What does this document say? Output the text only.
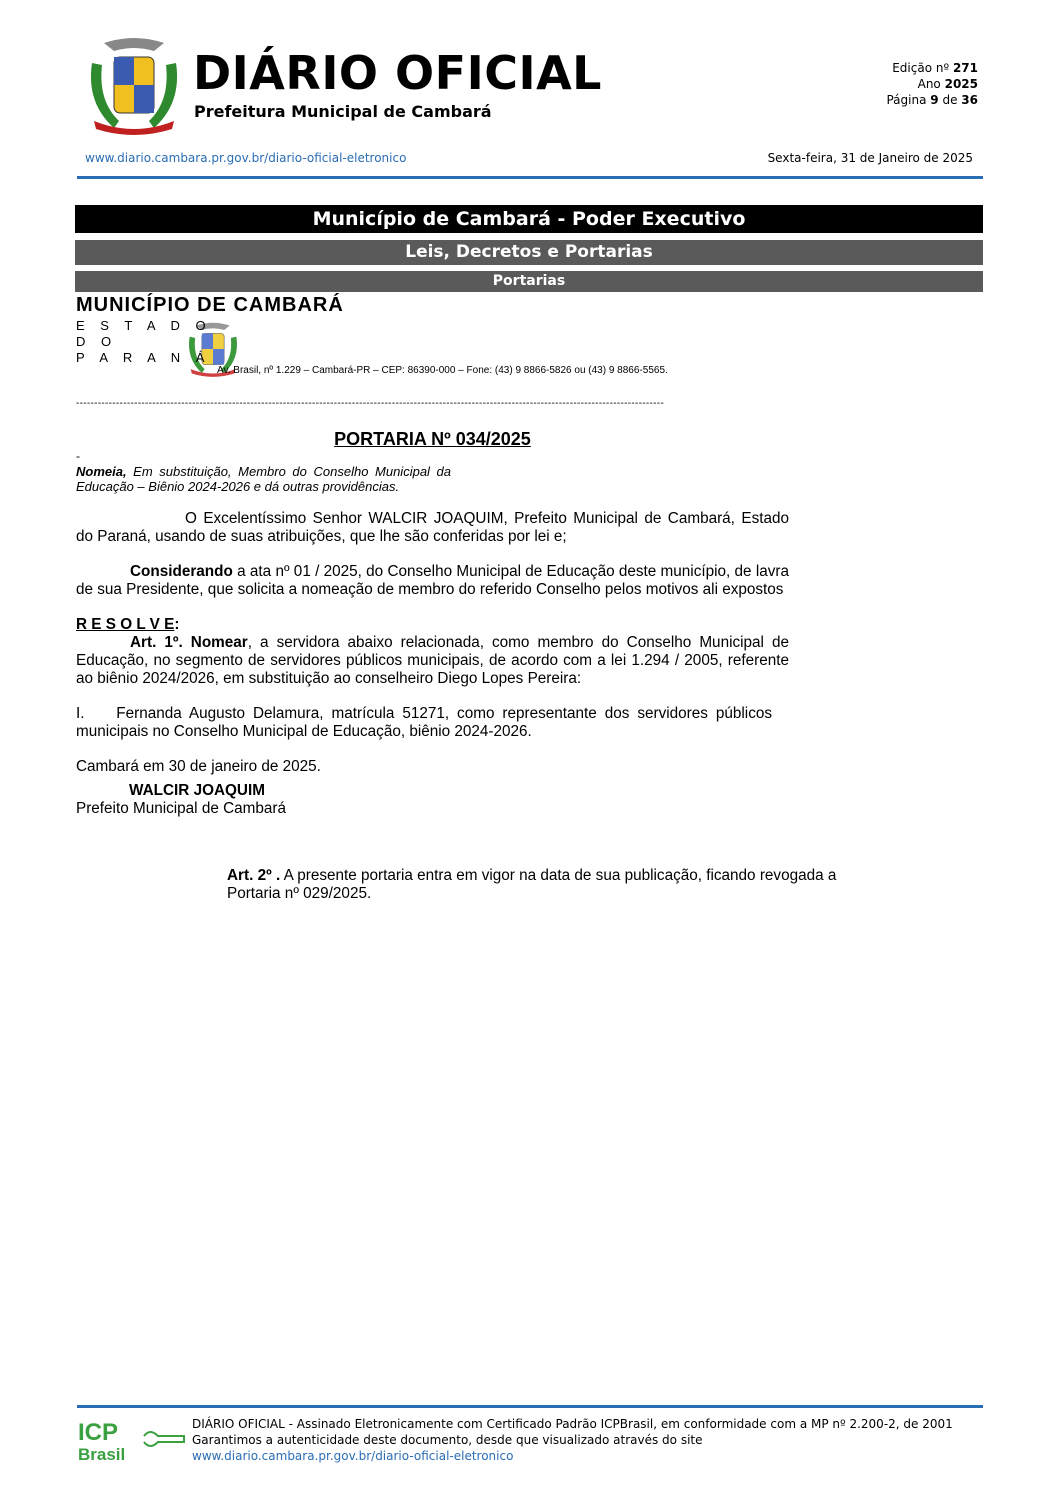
DIÁRIO OFICIAL
Prefeitura Municipal de Cambará
Edição nº 271
Ano 2025
Página 9 de 36
www.diario.cambara.pr.gov.br/diario-oficial-eletronico	Sexta-feira, 31 de Janeiro de 2025
Município de Cambará - Poder Executivo
Leis, Decretos e Portarias
Portarias
MUNICÍPIO DE CAMBARÁ
E S T A D O
D O
P A R A N Á
Av. Brasil, nº 1.229 – Cambará-PR – CEP: 86390-000 – Fone: (43) 9 8866-5826 ou (43) 9 8866-5565.
------------------------------------------------------------------------------------------------------------------------------------------------------------------
PORTARIA Nº 034/2025
-
Nomeia, Em substituição, Membro do Conselho Municipal da Educação – Biênio 2024-2026 e dá outras providências.
O Excelentíssimo Senhor WALCIR JOAQUIM, Prefeito Municipal de Cambará, Estado do Paraná, usando de suas atribuições, que lhe são conferidas por lei e;
Considerando a ata nº 01 / 2025, do Conselho Municipal de Educação deste município, de lavra de sua Presidente, que solicita a nomeação de membro do referido Conselho pelos motivos ali expostos
R E S O L V E:
Art. 1º. Nomear, a servidora abaixo relacionada, como membro do Conselho Municipal de Educação, no segmento de servidores públicos municipais, de acordo com a lei 1.294 / 2005, referente ao biênio 2024/2026, em substituição ao conselheiro Diego Lopes Pereira:
I. Fernanda Augusto Delamura, matrícula 51271, como representante dos servidores públicos municipais no Conselho Municipal de Educação, biênio 2024-2026.
Cambará em 30 de janeiro de 2025.
WALCIR JOAQUIM
Prefeito Municipal de Cambará
Art. 2º . A presente portaria entra em vigor na data de sua publicação, ficando revogada a Portaria nº 029/2025.
ICP
Brasil
DIÁRIO OFICIAL - Assinado Eletronicamente com Certificado Padrão ICPBrasil, em conformidade com a MP nº 2.200-2, de 2001
Garantimos a autenticidade deste documento, desde que visualizado através do site
www.diario.cambara.pr.gov.br/diario-oficial-eletronico
